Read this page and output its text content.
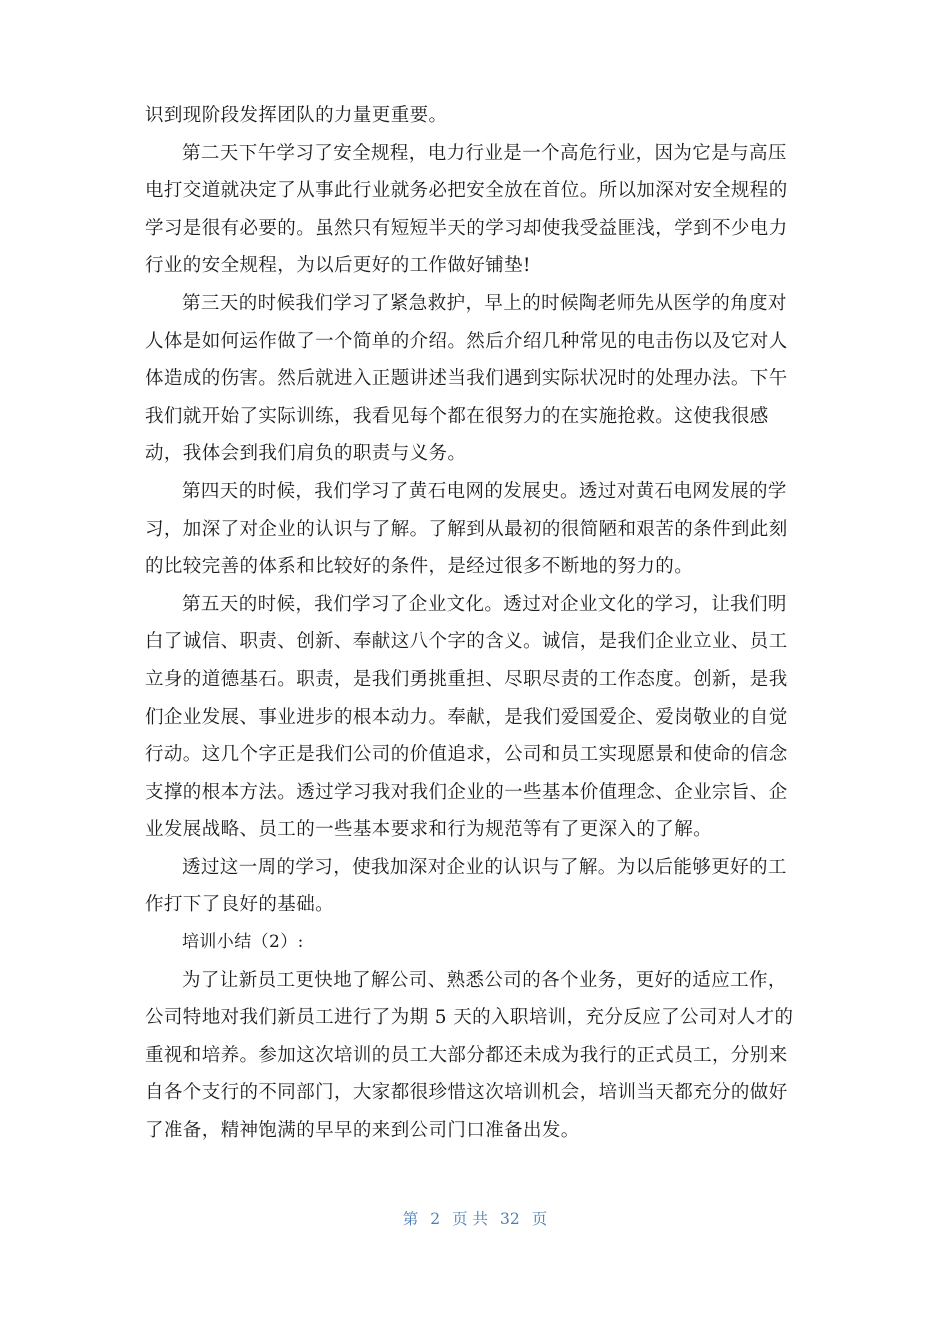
识到现阶段发挥团队的力量更重要。
第二天下午学习了安全规程，电力行业是一个高危行业，因为它是与高压
电打交道就决定了从事此行业就务必把安全放在首位。所以加深对安全规程的
学习是很有必要的。虽然只有短短半天的学习却使我受益匪浅，学到不少电力
行业的安全规程，为以后更好的工作做好铺垫!
第三天的时候我们学习了紧急救护，早上的时候陶老师先从医学的角度对
人体是如何运作做了一个简单的介绍。然后介绍几种常见的电击伤以及它对人
体造成的伤害。然后就进入正题讲述当我们遇到实际状况时的处理办法。下午
我们就开始了实际训练，我看见每个都在很努力的在实施抢救。这使我很感
动，我体会到我们肩负的职责与义务。
第四天的时候，我们学习了黄石电网的发展史。透过对黄石电网发展的学
习，加深了对企业的认识与了解。了解到从最初的很简陋和艰苦的条件到此刻
的比较完善的体系和比较好的条件，是经过很多不断地的努力的。
第五天的时候，我们学习了企业文化。透过对企业文化的学习，让我们明
白了诚信、职责、创新、奉献这八个字的含义。诚信，是我们企业立业、员工
立身的道德基石。职责，是我们勇挑重担、尽职尽责的工作态度。创新，是我
们企业发展、事业进步的根本动力。奉献，是我们爱国爱企、爱岗敬业的自觉
行动。这几个字正是我们公司的价值追求，公司和员工实现愿景和使命的信念
支撑的根本方法。透过学习我对我们企业的一些基本价值理念、企业宗旨、企
业发展战略、员工的一些基本要求和行为规范等有了更深入的了解。
透过这一周的学习，使我加深对企业的认识与了解。为以后能够更好的工
作打下了良好的基础。
培训小结（2）:
为了让新员工更快地了解公司、熟悉公司的各个业务，更好的适应工作，
公司特地对我们新员工进行了为期 5 天的入职培训，充分反应了公司对人才的
重视和培养。参加这次培训的员工大部分都还未成为我行的正式员工，分别来
自各个支行的不同部门，大家都很珍惜这次培训机会，培训当天都充分的做好
了准备，精神饱满的早早的来到公司门口准备出发。
第 2 页 共 32 页
